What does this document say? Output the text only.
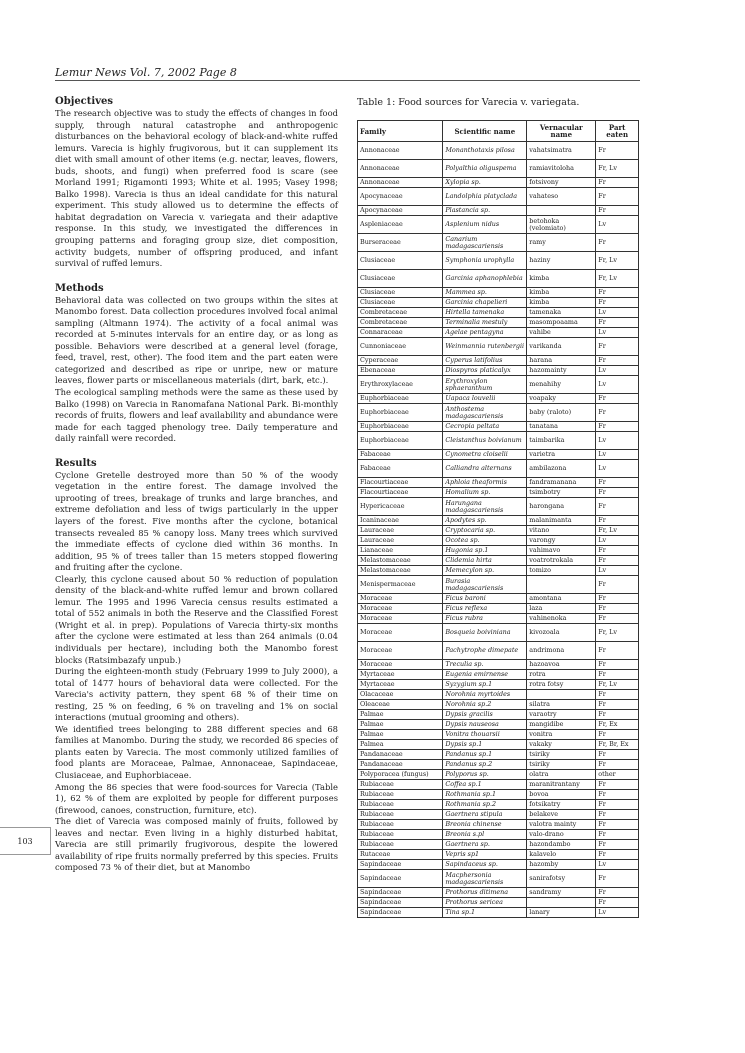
Lemur News Vol. 7, 2002 Page 8
Objectives

The research objective was to study the effects of changes in food supply, through natural catastrophe and anthropogenic disturbances on the behavioral ecology of black-and-white ruffed lemurs. Varecia is highly frugivorous, but it can supplement its diet with small amount of other items (e.g. nectar, leaves, flowers, buds, shoots, and fungi) when preferred food is scare (see Morland 1991; Rigamonti 1993; White et al. 1995; Vasey 1998; Balko 1998). Varecia is thus an ideal candidate for this natural experiment. This study allowed us to determine the effects of habitat degradation on Varecia v. variegata and their adaptive response. In this study, we investigated the differences in grouping patterns and foraging group size, diet composition, activity budgets, number of offspring produced, and infant survival of ruffed lemurs.

Methods

Behavioral data was collected on two groups within the sites at Manombo forest. Data collection procedures involved focal animal sampling (Altmann 1974). The activity of a focal animal was recorded at 5-minutes intervals for an entire day, or as long as possible. Behaviors were described at a general level (forage, feed, travel, rest, other). The food item and the part eaten were categorized and described as ripe or unripe, new or mature leaves, flower parts or miscellaneous materials (dirt, bark, etc.).

The ecological sampling methods were the same as these used by Balko (1998) on Varecia in Ranomafana National Park. Bi-monthly records of fruits, flowers and leaf availability and abundance were made for each tagged phenology tree. Daily temperature and daily rainfall were recorded.

Results

Cyclone Gretelle destroyed more than 50 % of the woody vegetation in the entire forest. The damage involved the uprooting of trees, breakage of trunks and large branches, and extreme defoliation and less of twigs particularly in the upper layers of the forest. Five months after the cyclone, botanical transects revealed 85 % canopy loss. Many trees which survived the immediate effects of cyclone died within 36 months. In addition, 95 % of trees taller than 15 meters stopped flowering and fruiting after the cyclone.

Clearly, this cyclone caused about 50 % reduction of population density of the black-and-white ruffed lemur and brown collared lemur. The 1995 and 1996 Varecia census results estimated a total of 552 animals in both the Reserve and the Classified Forest (Wright et al. in prep). Populations of Varecia thirty-six months after the cyclone were estimated at less than 264 animals (0.04 individuals per hectare), including both the Manombo forest blocks (Ratsimbazafy unpub.)

During the eighteen-month study (February 1999 to July 2000), a total of 1477 hours of behavioral data were collected. For the Varecia's activity pattern, they spent 68 % of their time on resting, 25 % on feeding, 6 % on traveling and 1% on social interactions (mutual grooming and others).

We identified trees belonging to 288 different species and 68 families at Manombo. During the study, we recorded 86 species of plants eaten by Varecia. The most commonly utilized families of food plants are Moraceae, Palmae, Annonaceae, Sapindaceae, Clusiaceae, and Euphorbiaceae.

Among the 86 species that were food-sources for Varecia (Table 1), 62 % of them are exploited by people for different purposes (firewood, canoes, construction, furniture, etc).

The diet of Varecia was composed mainly of fruits, followed by leaves and nectar. Even living in a highly disturbed habitat, Varecia are still primarily frugivorous, despite the lowered availability of ripe fruits normally preferred by this species. Fruits composed 73 % of their diet, but at Manombo

103
Table 1: Food sources for Varecia v. variegata.
Family	Scientific name	Vernacular name	Part eaten
Annonaceae	Monanthotaxis pilosa	vahatsimatra	Fr
Annonaceae	Polyalthia oliguspema	ramiavitoloha	Fr, Lv
Annonaceae	Xylopia sp.	fotsivony	Fr
Apocynaceae	Landolphia platyclada	vahateso	Fr
Apocynaceae	Plastancia sp.		Fr
Aspleniaceae	Asplenium nidus	betohoka (velomiato)	Lv
Burseraceae	Canarium madagascariensis	ramy	Fr
Clusiaceae	Symphonia urophylla	haziny	Fr, Lv
Clusiaceae	Garcinia aphanophlebia	kimba	Fr, Lv
Clusiaceae	Mammea sp.	kimba	Fr
Clusiaceae	Garcinia chapelieri	kimba	Fr
Combretaceae	Hirtella tamenaka	tamenaka	Lv
Combretaceae	Terminalia mestuly	masompoaama	Fr
Connaraceae	Agelae pentagyna	vahibe	Lv
Cunnoniaceae	Weinmannia rutenbergii	varikanda	Fr
Cyperaceae	Cyperus latifolius	harana	Fr
Ebenaceae	Diospyros platicalyx	hazomainty	Lv
Erythroxylaceae	Erythroxylon sphaeranthum	menahihy	Lv
Euphorbiaceae	Uapaca louvelii	voapaky	Fr
Euphorbiaceae	Anthostema madagascariensis	baby (raloto)	Fr
Euphorbiaceae	Cecropia peltata	tanatana	Fr
Euphorbiaceae	Cleistanthus boivianum	taimbarika	Lv
Fabaceae	Cynometra cloiselii	varietra	Lv
Fabaceae	Calliandra alternans	ambilazona	Lv
Flacourtiaceae	Aphloia theaformis	fandramanana	Fr
Flacourtiaceae	Homalium sp.	tsimbotry	Fr
Hypericaceae	Harungana madagascariensis	harongana	Fr
Icaninaceae	Apodytes sp.	malanimanta	Fr
Lauraceae	Cryptocaria sp.	vitano	Fr, Lv
Lauraceae	Ocotea sp.	varongy	Lv
Lianaceae	Hugonia sp.1	vahimavo	Fr
Melastomaceae	Clidemia hirta	voatrotrokala	Fr
Melastomaceae	Memecylon sp.	tomizo	Lv
Menispermaceae	Burasia madagascariensis		Fr
Moraceae	Ficus baroni	amontana	Fr
Moraceae	Ficus reflexa	laza	Fr
Moraceae	Ficus rubra	vahinenoka	Fr
Moraceae	Bosqueia boiviniana	kivozoala	Fr, Lv
Moraceae	Pachytrophe dimepate	andrimona	Fr
Moraceae	Treculia sp.	hazoavoa	Fr
Myrtaceae	Eugenia emirnense	rotra	Fr
Myrtaceae	Syzygium sp.1	rotra fotsy	Fr, Lv
Olacaceae	Norohnia myrtoides		Fr
Oleaceae	Norohnia sp.2	silatra	Fr
Palmae	Dypsis gracilis	varaotry	Fr
Palmae	Dypsis nauseosa	mangidibe	Fr, Ex
Palmae	Vonitra thouarsii	vonitra	Fr
Palmea	Dypsis sp.1	vakaky	Fr, Br, Ex
Pandanaceae	Pandanus sp.1	tsiriky	Fr
Pandanaceae	Pandanus sp.2	tsiriky	Fr
Polyporacea (fungus)	Polyporus sp.	olatra	other
Rubiaceae	Coffea sp.1	maranitrantany	Fr
Rubiaceae	Rothmania sp.1	bovoa	Fr
Rubiaceae	Rothmania sp.2	fotsikatry	Fr
Rubiaceae	Gaertnera stipula	belakeve	Fr
Rubiaceae	Breonia chinense	valotra mainty	Fr
Rubiaceae	Breonia s.pl	valo-drano	Fr
Rubiaceae	Gaertnera sp.	hazondambo	Fr
Rutaceae	Vepris sp1	kalavelo	Fr
Sapindaceae	Sapindaceus sp.	hazomby	Lv
Sapindaceae	Macphersonia madagascariensis	sanirafotsy	Fr
Sapindaceae	Prothorus ditimena	sandramy	Fr
Sapindaceae	Prothorus sericea		Fr
Sapindaceae	Tina sp.1	lanary	Lv
